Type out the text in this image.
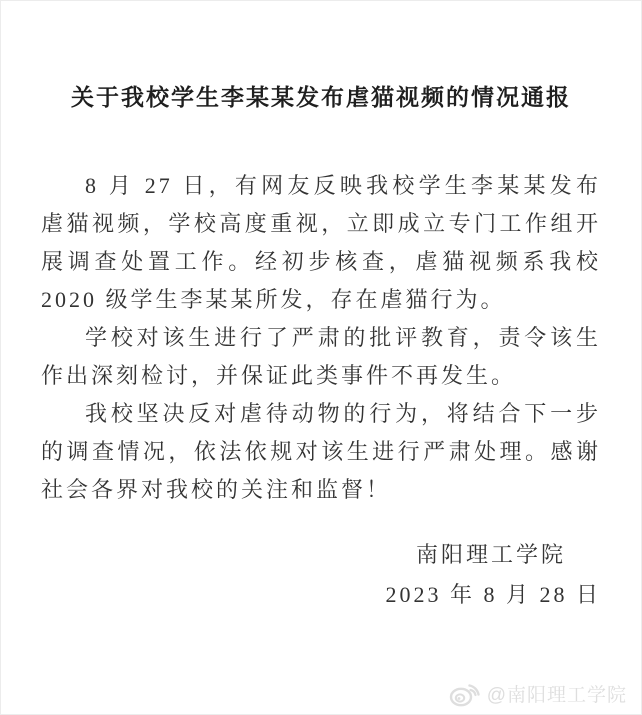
关于我校学生李某某发布虐猫视频的情况通报

8 月 27 日，有网友反映我校学生李某某发布虐猫视频，学校高度重视，立即成立专门工作组开展调查处置工作。经初步核查，虐猫视频系我校 2020 级学生李某某所发，存在虐猫行为。

学校对该生进行了严肃的批评教育，责令该生作出深刻检讨，并保证此类事件不再发生。

我校坚决反对虐待动物的行为，将结合下一步的调查情况，依法依规对该生进行严肃处理。感谢社会各界对我校的关注和监督！

南阳理工学院
2023 年 8 月 28 日
@南阳理工学院
